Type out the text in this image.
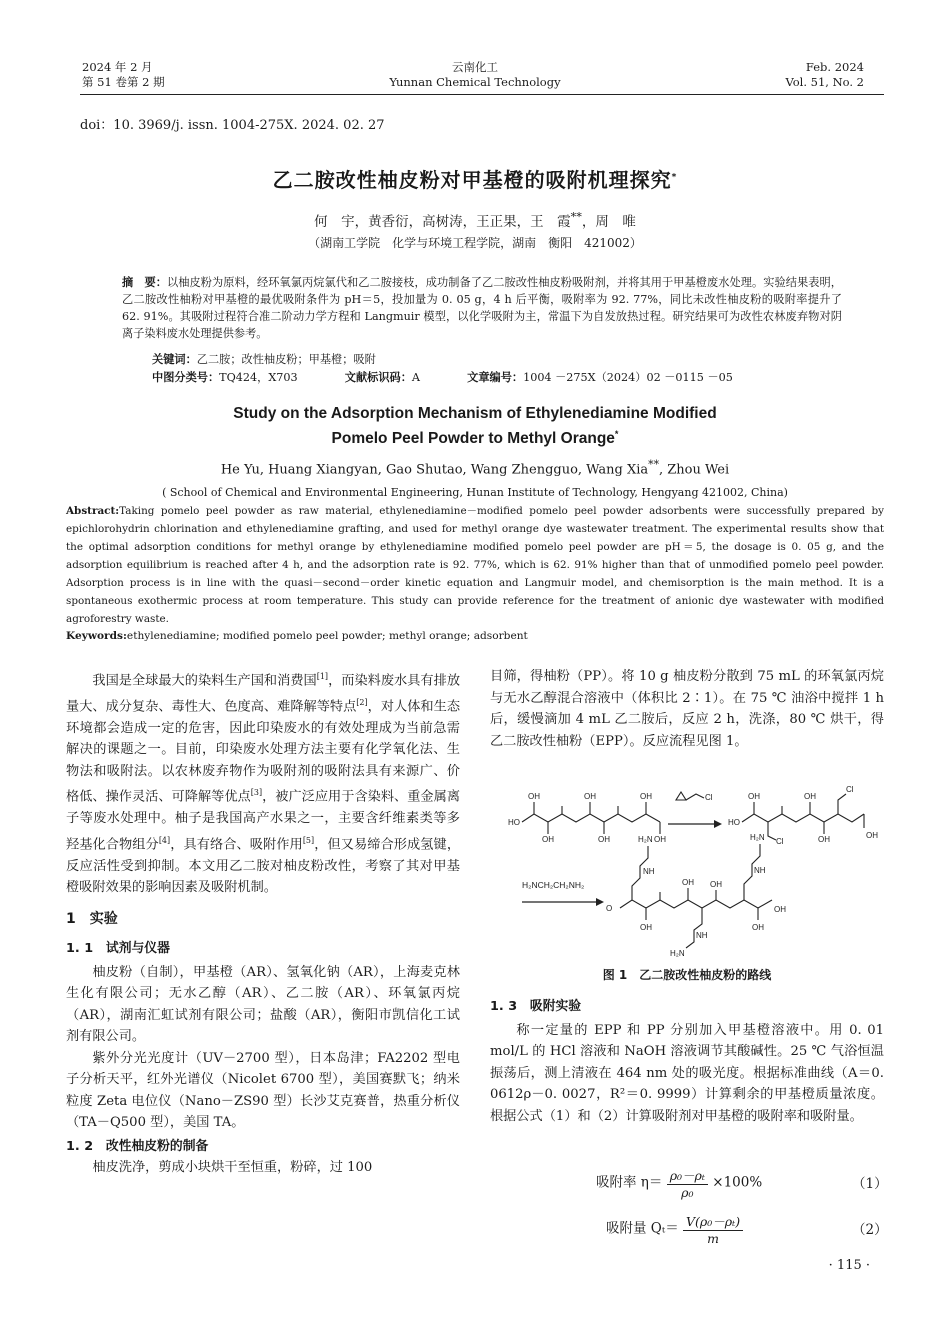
2024 年 2 月
第 51 卷第 2 期
云南化工
Yunnan Chemical Technology
Feb. 2024
Vol. 51, No. 2
doi：10. 3969/j. issn. 1004-275X. 2024. 02. 27
乙二胺改性柚皮粉对甲基橙的吸附机理探究*
何　宇，黄香衍，高树涛，王正果，王　霞**，周　唯
（湖南工学院　化学与环境工程学院，湖南　衡阳　421002）
摘　要：以柚皮粉为原料，经环氧氯丙烷氯代和乙二胺接枝，成功制备了乙二胺改性柚皮粉吸附剂，并将其用于甲基橙废水处理。实验结果表明，乙二胺改性柚粉对甲基橙的最优吸附条件为 pH＝5，投加量为 0. 05 g，4 h 后平衡，吸附率为 92. 77%，同比未改性柚皮粉的吸附率提升了 62. 91%。其吸附过程符合准二阶动力学方程和 Langmuir 模型，以化学吸附为主，常温下为自发放热过程。研究结果可为改性农林废弃物对阴离子染料废水处理提供参考。
关键词：乙二胺；改性柚皮粉；甲基橙；吸附
中图分类号：TQ424，X703	文献标识码：A	文章编号：1004 －275X（2024）02 －0115 －05
Study on the Adsorption Mechanism of Ethylenediamine Modified
Pomelo Peel Powder to Methyl Orange*
He Yu, Huang Xiangyan, Gao Shutao, Wang Zhengguo, Wang Xia**, Zhou Wei
( School of Chemical and Environmental Engineering, Hunan Institute of Technology, Hengyang 421002, China)
Abstract:Taking pomelo peel powder as raw material, ethylenediamine－modified pomelo peel powder adsorbents were successfully prepared by epichlorohydrin chlorination and ethylenediamine grafting, and used for methyl orange dye wastewater treatment. The experimental results show that the optimal adsorption conditions for methyl orange by ethylenediamine modified pomelo peel powder are pH＝5, the dosage is 0. 05 g, and the adsorption equilibrium is reached after 4 h, and the adsorption rate is 92. 77%, which is 62. 91% higher than that of unmodified pomelo peel powder. Adsorption process is in line with the quasi－second－order kinetic equation and Langmuir model, and chemisorption is the main method. It is a spontaneous exothermic process at room temperature. This study can provide reference for the treatment of anionic dye wastewater with modified agroforestry waste.
Keywords:ethylenediamine; modified pomelo peel powder; methyl orange; adsorbent

我国是全球最大的染料生产国和消费国[1]，而染料废水具有排放量大、成分复杂、毒性大、色度高、难降解等特点[2]，对人体和生态环境都会造成一定的危害，因此印染废水的有效处理成为当前急需解决的课题之一。目前，印染废水处理方法主要有化学氧化法、生物法和吸附法。以农林废弃物作为吸附剂的吸附法具有来源广、价格低、操作灵活、可降解等优点[3]，被广泛应用于含染料、重金属离子等废水处理中。柚子是我国高产水果之一，主要含纤维素类等多羟基化合物组分[4]，具有络合、吸附作用[5]，但又易缔合形成氢键，反应活性受到抑制。本文用乙二胺对柚皮粉改性，考察了其对甲基橙吸附效果的影响因素及吸附机制。

1　实验
1. 1　试剂与仪器

柚皮粉（自制），甲基橙（AR）、氢氧化钠（AR），上海麦克林生化有限公司；无水乙醇（AR）、乙二胺（AR）、环氧氯丙烷（AR），湖南汇虹试剂有限公司；盐酸（AR），衡阳市凯信化工试剂有限公司。

紫外分光光度计（UV－2700 型），日本岛津；FA2202 型电子分析天平，红外光谱仪（Nicolet 6700 型），美国赛默飞；纳米粒度 Zeta 电位仪（Nano－ZS90 型）长沙艾克赛普，热重分析仪（TA－Q500 型），美国 TA。

1. 2　改性柚皮粉的制备

柚皮洗净，剪成小块烘干至恒重，粉碎，过 100

目筛，得柚粉（PP）。将 10 g 柚皮粉分散到 75 mL 的环氧氯丙烷与无水乙醇混合溶液中（体积比 2∶1）。在 75 ℃ 油浴中搅拌 1 h 后，缓慢滴加 4 mL 乙二胺后，反应 2 h，洗涤，80 ℃ 烘干，得乙二胺改性柚粉（EPP）。反应流程见图 1。

OH	OH	OH
HO
OH	OH	OH
Cl	OH	OH
Cl
HO
Cl	OH	OH
H₂NCH₂CH₂NH₂
H₂N
NH
H₂N
NH
OH OH
O
OH	OH
OH
NH
H₂N
图 1　乙二胺改性柚皮粉的路线
1. 3　吸附实验

称一定量的 EPP 和 PP 分别加入甲基橙溶液中。用 0. 01 mol/L 的 HCl 溶液和 NaOH 溶液调节其酸碱性。25 ℃ 气浴恒温振荡后，测上清液在 464 nm 处的吸光度。根据标准曲线（A＝0. 0612ρ－0. 0027，R²＝0. 9999）计算剩余的甲基橙质量浓度。根据公式（1）和（2）计算吸附剂对甲基橙的吸附率和吸附量。

吸附率 $\eta= \frac{\text{ρ₀－ρₜ}}{\text{ρ₀}} \times 100\%$	（1）
吸附量 $Q_t= \frac{\text{V(ρ₀－ρₜ)}}{m}$	（2）
· 115 ·
